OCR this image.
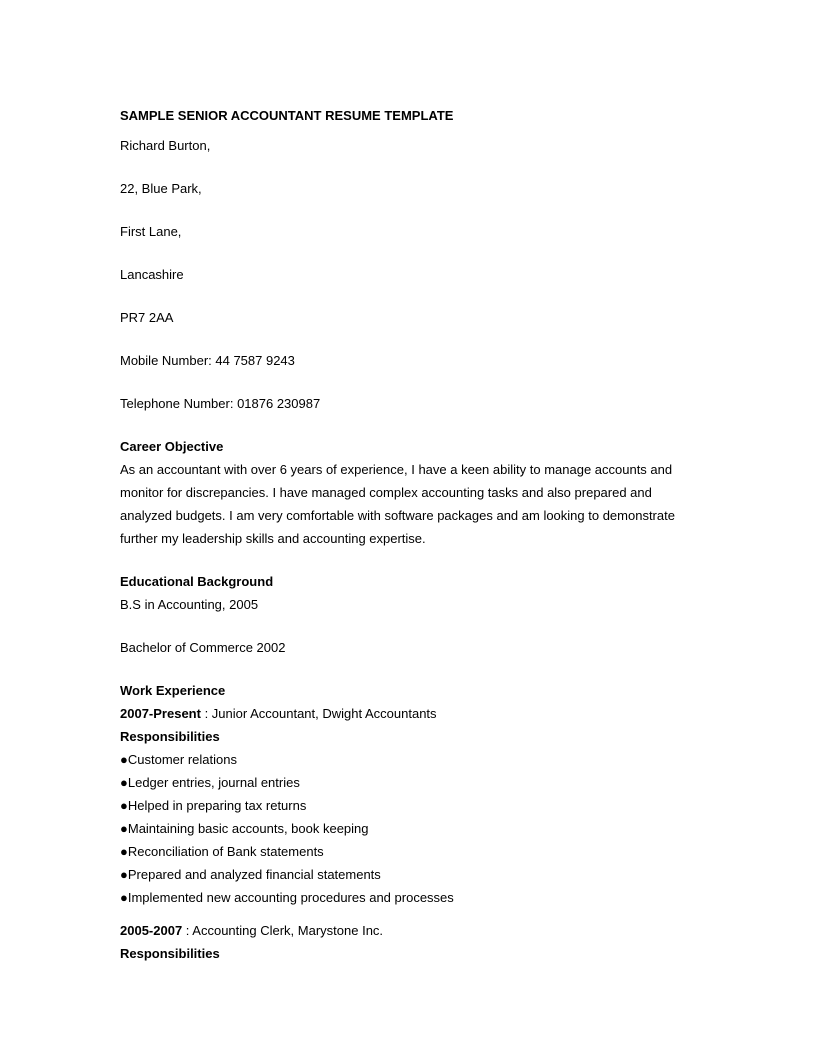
SAMPLE SENIOR ACCOUNTANT RESUME TEMPLATE
Richard Burton,
22, Blue Park,
First Lane,
Lancashire
PR7 2AA
Mobile Number: 44 7587 9243
Telephone Number: 01876 230987
Career Objective
As an accountant with over 6 years of experience, I have a keen ability to manage accounts and
monitor for discrepancies. I have managed complex accounting tasks and also prepared and
analyzed budgets. I am very comfortable with software packages and am looking to demonstrate
further my leadership skills and accounting expertise.
Educational Background
B.S in Accounting, 2005
Bachelor of Commerce 2002
Work Experience
2007-Present : Junior Accountant, Dwight Accountants
Responsibilities
●Customer relations
●Ledger entries, journal entries
●Helped in preparing tax returns
●Maintaining basic accounts, book keeping
●Reconciliation of Bank statements
●Prepared and analyzed financial statements
●Implemented new accounting procedures and processes
2005-2007 : Accounting Clerk, Marystone Inc.
Responsibilities
